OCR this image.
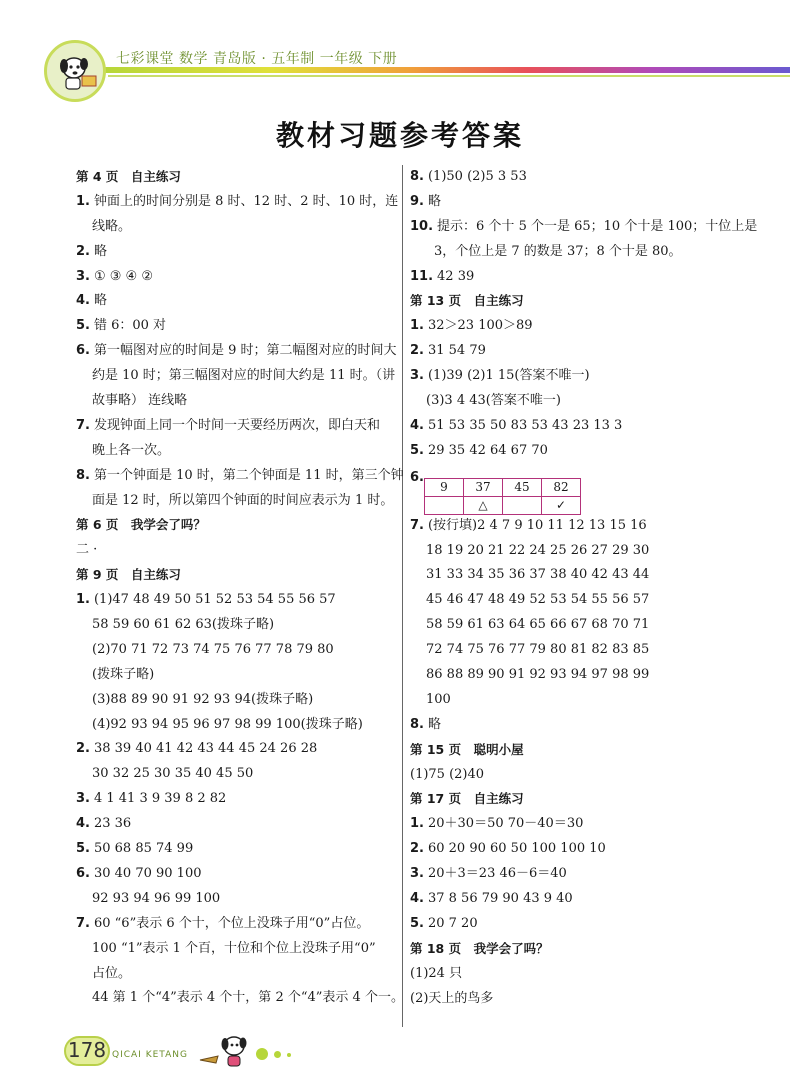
七彩课堂 数学 青岛版 · 五年制 一年级 下册
教材习题参考答案
第 4 页　自主练习
1. 钟面上的时间分别是 8 时、12 时、2 时、10 时，连
线略。
2. 略
3. ① ③ ④ ②
4. 略
5. 错 6：00 对
6. 第一幅图对应的时间是 9 时；第二幅图对应的时间大
约是 10 时；第三幅图对应的时间大约是 11 时。（讲
故事略） 连线略
7. 发现钟面上同一个时间一天要经历两次，即白天和
晚上各一次。
8. 第一个钟面是 10 时，第二个钟面是 11 时，第三个钟
面是 12 时，所以第四个钟面的时间应表示为 1 时。
第 6 页　我学会了吗？
二 ·
第 9 页　自主练习
1. (1)47 48 49 50 51 52 53 54 55 56 57
58 59 60 61 62 63(拨珠子略)
(2)70 71 72 73 74 75 76 77 78 79 80
(拨珠子略)
(3)88 89 90 91 92 93 94(拨珠子略)
(4)92 93 94 95 96 97 98 99 100(拨珠子略)
2. 38 39 40 41 42 43 44 45 24 26 28
30 32 25 30 35 40 45 50
3. 4 1 41 3 9 39 8 2 82
4. 23 36
5. 50 68 85 74 99
6. 30 40 70 90 100
92 93 94 96 99 100
7. 60 “6”表示 6 个十，个位上没珠子用“0”占位。
100 “1”表示 1 个百，十位和个位上没珠子用“0”
占位。
44 第 1 个“4”表示 4 个十，第 2 个“4”表示 4 个一。
8. (1)50 (2)5 3 53
9. 略
10. 提示：6 个十 5 个一是 65；10 个十是 100；十位上是
3，个位上是 7 的数是 37；8 个十是 80。
11. 42 39
第 13 页　自主练习
1. 32＞23 100＞89
2. 31 54 79
3. (1)39 (2)1 15(答案不唯一)
(3)3 4 43(答案不唯一)
4. 51 53 35 50 83 53 43 23 13 3
5. 29 35 42 64 67 70
6.
9	37	45	82
	△		✓
7. (按行填)2 4 7 9 10 11 12 13 15 16
18 19 20 21 22 24 25 26 27 29 30
31 33 34 35 36 37 38 40 42 43 44
45 46 47 48 49 52 53 54 55 56 57
58 59 61 63 64 65 66 67 68 70 71
72 74 75 76 77 79 80 81 82 83 85
86 88 89 90 91 92 93 94 97 98 99
100
8. 略
第 15 页　聪明小屋
(1)75 (2)40
第 17 页　自主练习
1. 20＋30＝50 70－40＝30
2. 60 20 90 60 50 100 100 10
3. 20＋3＝23 46－6＝40
4. 37 8 56 79 90 43 9 40
5. 20 7 20
第 18 页　我学会了吗？
(1)24 只
(2)天上的鸟多
178 QICAI KETANG
